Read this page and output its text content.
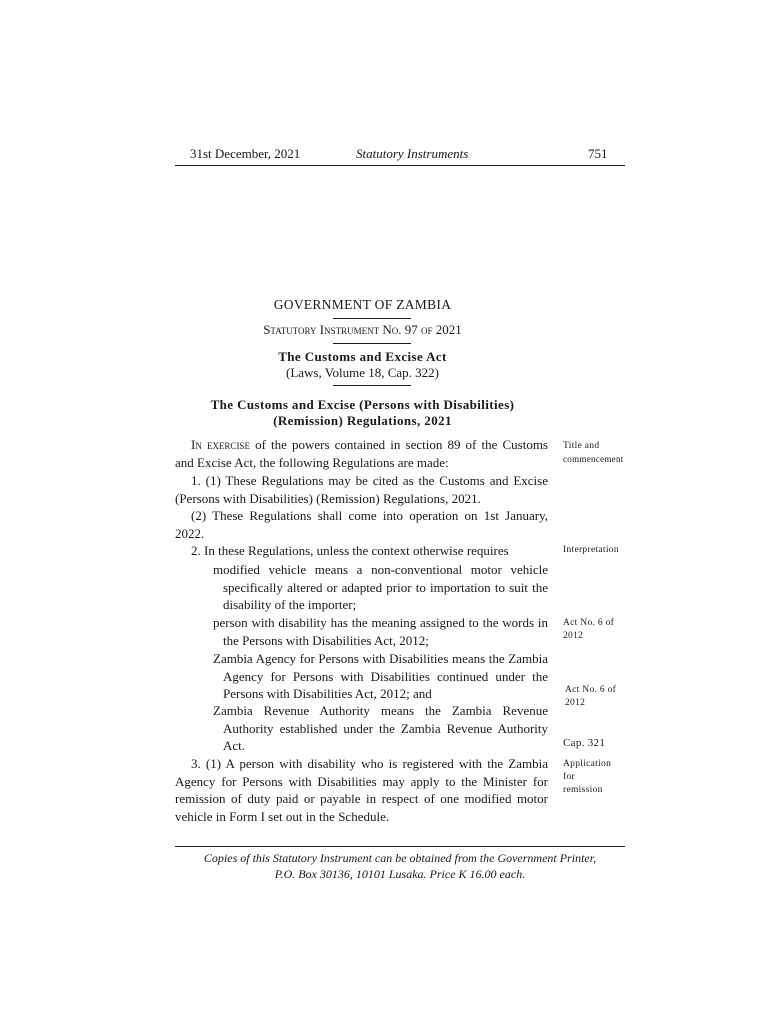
31st December, 2021	Statutory Instruments	751
GOVERNMENT OF ZAMBIA
Statutory Instrument No. 97 of 2021
The Customs and Excise Act
(Laws, Volume 18, Cap. 322)
The Customs and Excise (Persons with Disabilities)
(Remission) Regulations, 2021
In exercise of the powers contained in section 89 of the Customs and Excise Act, the following Regulations are made:
1. (1) These Regulations may be cited as the Customs and Excise (Persons with Disabilities) (Remission) Regulations, 2021.
(2) These Regulations shall come into operation on 1st January, 2022.
2. In these Regulations, unless the context otherwise requires
modified vehicle means a non-conventional motor vehicle specifically altered or adapted prior to importation to suit the disability of the importer;
person with disability has the meaning assigned to the words in the Persons with Disabilities Act, 2012;
Zambia Agency for Persons with Disabilities means the Zambia Agency for Persons with Disabilities continued under the Persons with Disabilities Act, 2012; and
Zambia Revenue Authority means the Zambia Revenue Authority established under the Zambia Revenue Authority Act.
3. (1) A person with disability who is registered with the Zambia Agency for Persons with Disabilities may apply to the Minister for remission of duty paid or payable in respect of one modified motor vehicle in Form I set out in the Schedule.
Title and
commencement
Interpretation
Act No. 6 of
2012
Act No. 6 of
2012
Cap. 321
Application
for
remission
Copies of this Statutory Instrument can be obtained from the Government Printer,
P.O. Box 30136, 10101 Lusaka. Price K 16.00 each.
